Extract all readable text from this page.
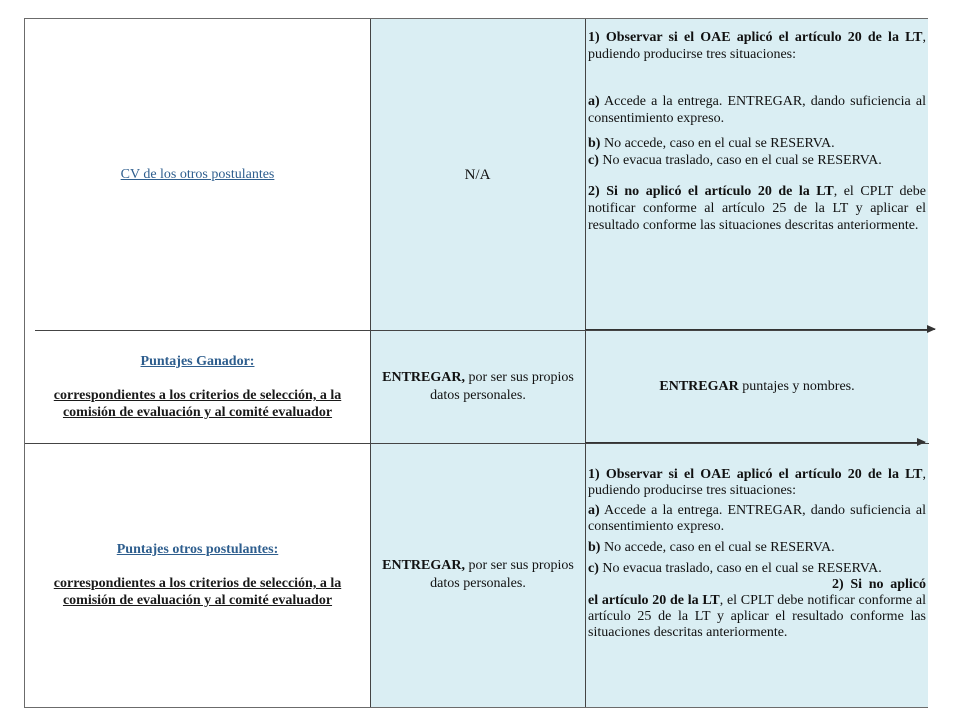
CV de los otros postulantes	N/A

1) Observar si el OAE aplicó el artículo 20 de la LT, pudiendo producirse tres situaciones:

a) Accede a la entrega. ENTREGAR, dando suficiencia al consentimiento expreso.

b) No accede, caso en el cual se RESERVA.

c) No evacua traslado, caso en el cual se RESERVA.

2) Si no aplicó el artículo 20 de la LT, el CPLT debe notificar conforme al artículo 25 de la LT y aplicar el resultado conforme las situaciones descritas anteriormente.

Puntajes Ganador:
correspondientes a los criterios de selección, a la comisión de evaluación y al comité evaluador
ENTREGAR, por ser sus propios datos personales.
ENTREGAR puntajes y nombres.
Puntajes otros postulantes:
correspondientes a los criterios de selección, a la comisión de evaluación y al comité evaluador
ENTREGAR, por ser sus propios datos personales.

1) Observar si el OAE aplicó el artículo 20 de la LT, pudiendo producirse tres situaciones:

a) Accede a la entrega. ENTREGAR, dando suficiencia al consentimiento expreso.

b) No accede, caso en el cual se RESERVA.

c) No evacua traslado, caso en el cual se RESERVA.

2) Si no aplicó el artículo 20 de la LT, el CPLT debe notificar conforme al artículo 25 de la LT y aplicar el resultado conforme las situaciones descritas anteriormente.
